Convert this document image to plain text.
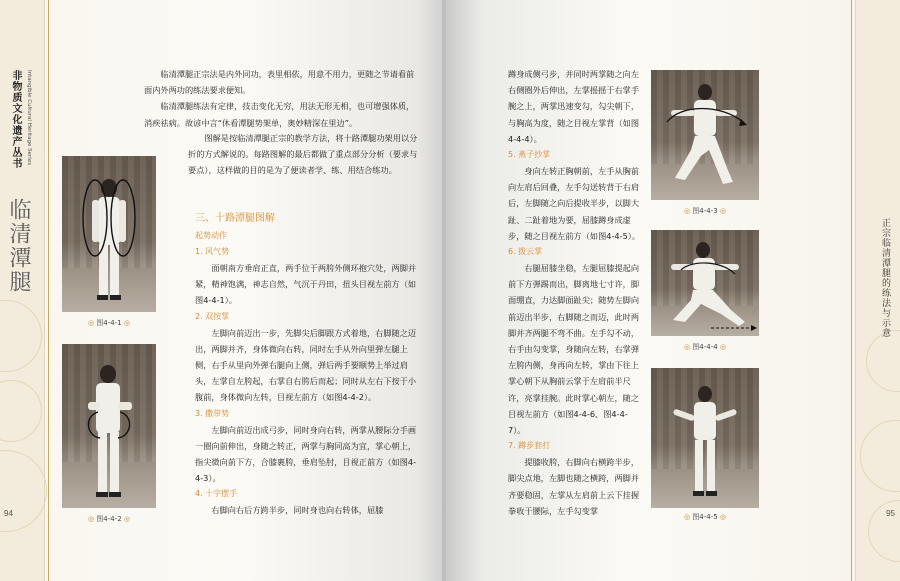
非物质文化遗产丛书 Intangible Cultural Heritage Series
临清潭腿
94

临清潭腿正宗法是内外同功，表里相依，用意不用力，更随之节请看前面内外两功的练法要求便知。

临清潭腿练法有定律，技击变化无穷，用法无形无相，也可增强体质，消疾祛病。故谚中言“休看潭腿势架单，奥妙精深在里边”。

图解是按临清潭腿正宗的教学方法，将十路潭腿功架用以分折的方式解说的。每路图解的最后都做了重点部分分析（要求与要点），这样做的目的是为了便读者学、练、用结合练功。

三、十路潭腿图解
起势动作
1. 风气势

面朝南方垂肩正直，两手位于两胯外侧环抱穴处，两脚并紧，精神饱满，神志自然，气沉于丹田，扭头目视左前方（如图4-4-1）。

2. 双按掌

左脚向前迈出一步，先脚尖后脚跟方式着地，右脚随之迈出，两脚并齐，身体微向右转，同时左手从外向里弹左腿上侧，右手从里向外弹右腿向上侧，弹后两手要顺势上举过肩头，左掌自左胯起，右掌自右胯后而起；同时从左右下按于小腹前，身体微向左转，目视左前方（如图4-4-2）。

3. 撒带势

左脚向前迈出成弓步，同时身向右转，两掌从腰际分手画一圈向前伸出，身随之转正，两掌与胸同高为宜，掌心朝上，指尖微向前下方，合膝裹胯，垂肩坠肘，目视正前方（如图4-4-3）。

4. 十字摆手

右脚向右后方跨半步，同时身也向右转体，屈膝

◎ 图4-4-1 ◎
◎ 图4-4-2 ◎
正宗临清潭腿的练法与示意
95

蹲身成侧弓步，并同时两掌随之向左右侧圈外后伸出，左掌摇摇于右掌手腕之上，两掌迅速变勾，勾尖朝下，与胸高为度，随之目视左掌背（如图4-4-4）。

5. 燕子抄掌

身向左转正胸朝前，左手从胸前向左肩后回叠，左手勾送转背于右肩后，左脚随之向后提收半步，以脚大趾、二趾着地为要，屈膝蹲身成虚步，随之目视左前方（如图4-4-5）。

6. 拨云掌

右腿屈膝坐稳，左腿屈膝提起向前下方弹踢而出，脚离地七寸许，脚面绷直，力达脚面趾尖；随势左脚向前迈出半步，右脚随之而迈，此时两脚并齐两腿不弯不曲。左手勾不动，右手由勾变掌，身随向左转，右掌弹左胯内侧，身再向左转，掌由下往上掌心朝下从胸前云掌于左肩前半尺许，亮掌挂腕。此时掌心朝左，随之目视左前方（如图4-4-6、图4-4-7）。

7. 蹲步套打

提膝收胯，右脚向右横跨半步，脚尖点地，左脚也随之横跨，两脚并齐要稳固，左掌从左肩前上云下挂握拳收于腰际，左手勾变掌

◎ 图4-4-3 ◎
◎ 图4-4-4 ◎
◎ 图4-4-5 ◎
